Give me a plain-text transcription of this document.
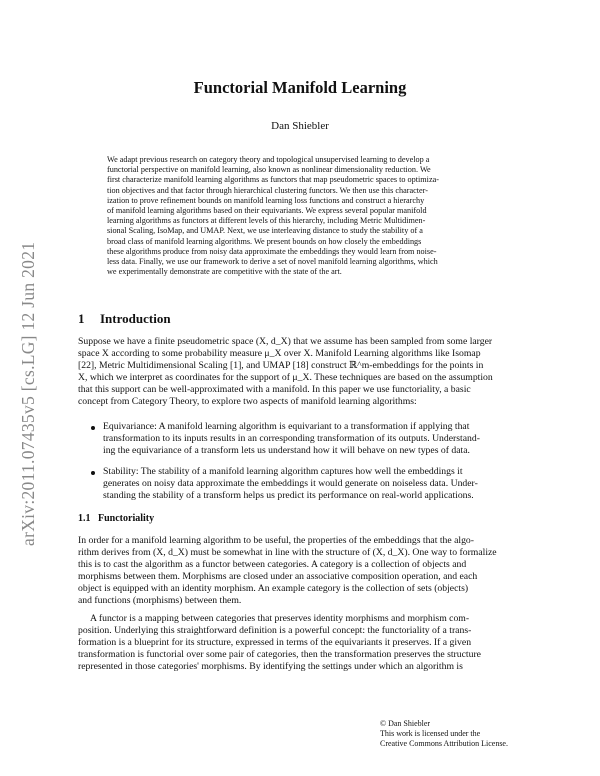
arXiv:2011.07435v5 [cs.LG] 12 Jun 2021
Functorial Manifold Learning
Dan Shiebler
We adapt previous research on category theory and topological unsupervised learning to develop a
functorial perspective on manifold learning, also known as nonlinear dimensionality reduction. We
first characterize manifold learning algorithms as functors that map pseudometric spaces to optimiza-
tion objectives and that factor through hierarchical clustering functors. We then use this character-
ization to prove refinement bounds on manifold learning loss functions and construct a hierarchy
of manifold learning algorithms based on their equivariants. We express several popular manifold
learning algorithms as functors at different levels of this hierarchy, including Metric Multidimen-
sional Scaling, IsoMap, and UMAP. Next, we use interleaving distance to study the stability of a
broad class of manifold learning algorithms. We present bounds on how closely the embeddings
these algorithms produce from noisy data approximate the embeddings they would learn from noise-
less data. Finally, we use our framework to derive a set of novel manifold learning algorithms, which
we experimentally demonstrate are competitive with the state of the art.
1 Introduction
Suppose we have a finite pseudometric space (X, d_X) that we assume has been sampled from some larger
space X according to some probability measure μ_X over X. Manifold Learning algorithms like Isomap
[22], Metric Multidimensional Scaling [1], and UMAP [18] construct ℝ^m-embeddings for the points in
X, which we interpret as coordinates for the support of μ_X. These techniques are based on the assumption
that this support can be well-approximated with a manifold. In this paper we use functoriality, a basic
concept from Category Theory, to explore two aspects of manifold learning algorithms:
Equivariance: A manifold learning algorithm is equivariant to a transformation if applying that
transformation to its inputs results in an corresponding transformation of its outputs. Understand-
ing the equivariance of a transform lets us understand how it will behave on new types of data.
Stability: The stability of a manifold learning algorithm captures how well the embeddings it
generates on noisy data approximate the embeddings it would generate on noiseless data. Under-
standing the stability of a transform helps us predict its performance on real-world applications.
1.1 Functoriality
In order for a manifold learning algorithm to be useful, the properties of the embeddings that the algo-
rithm derives from (X, d_X) must be somewhat in line with the structure of (X, d_X). One way to formalize
this is to cast the algorithm as a functor between categories. A category is a collection of objects and
morphisms between them. Morphisms are closed under an associative composition operation, and each
object is equipped with an identity morphism. An example category is the collection of sets (objects)
and functions (morphisms) between them.
A functor is a mapping between categories that preserves identity morphisms and morphism com-
position. Underlying this straightforward definition is a powerful concept: the functoriality of a trans-
formation is a blueprint for its structure, expressed in terms of the equivariants it preserves. If a given
transformation is functorial over some pair of categories, then the transformation preserves the structure
represented in those categories' morphisms. By identifying the settings under which an algorithm is
© Dan Shiebler
This work is licensed under the
Creative Commons Attribution License.
